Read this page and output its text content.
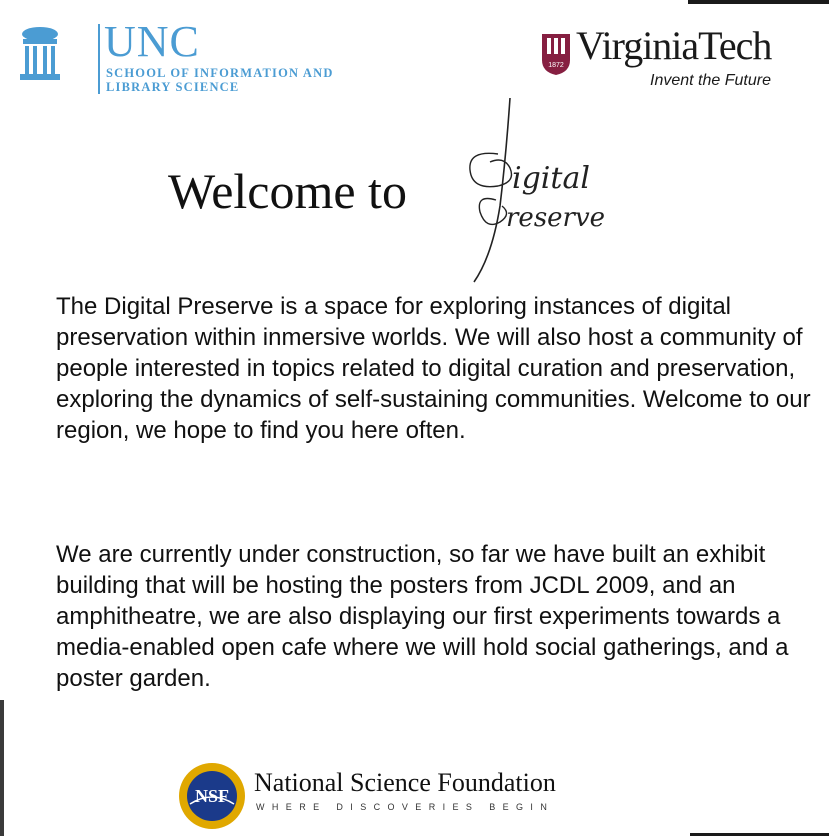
UNC
SCHOOL OF INFORMATION AND LIBRARY SCIENCE
1872 VirginiaTech
Invent the Future
Welcome to	igital
reserve
The Digital Preserve is a space for exploring instances of digital preservation within inmersive worlds. We will also host a community of people interested in topics related to digital curation and preservation, exploring the dynamics of self-sustaining communities. Welcome to our region, we hope to find you here often.
We are currently under construction, so far we have built an exhibit building that will be hosting the posters from JCDL 2009, and an amphitheatre, we are also displaying our first experiments towards a media-enabled open cafe where we will hold social gatherings, and a poster garden.
NSF National Science Foundation
WHERE DISCOVERIES BEGIN
